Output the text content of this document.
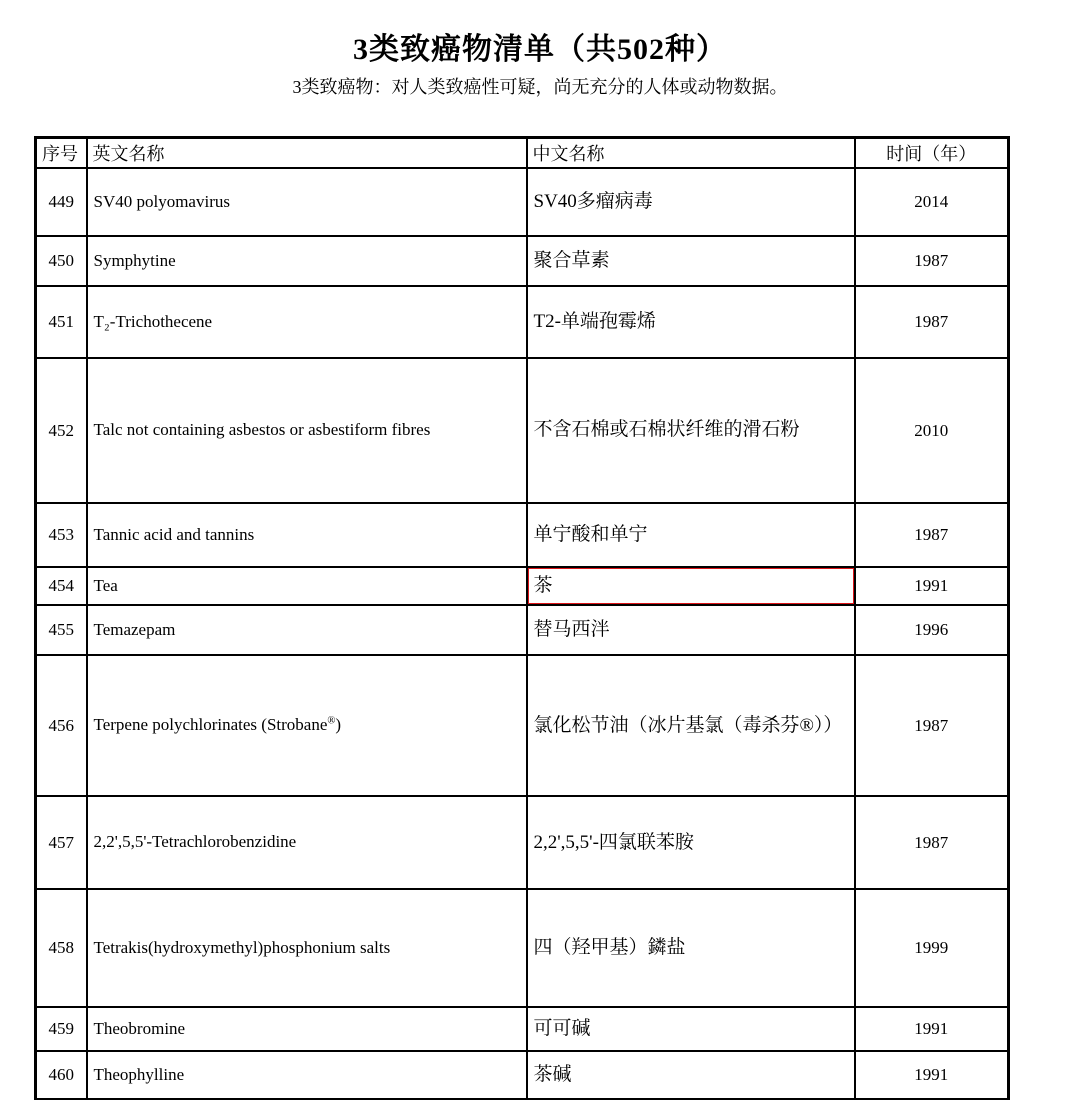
3类致癌物清单（共502种）
3类致癌物：对人类致癌性可疑，尚无充分的人体或动物数据。
序号	英文名称	中文名称	时间（年）
449	SV40 polyomavirus	SV40多瘤病毒	2014
450	Symphytine	聚合草素	1987
451	T₂-Trichothecene	T2-单端孢霉烯	1987
452	Talc not containing asbestos or asbestiform fibres	不含石棉或石棉状纤维的滑石粉	2010
453	Tannic acid and tannins	单宁酸和单宁	1987
454	Tea	茶	1991
455	Temazepam	替马西泮	1996
456	Terpene polychlorinates (Strobane®)	氯化松节油（冰片基氯（毒杀芬®））	1987
457	2,2',5,5'-Tetrachlorobenzidine	2,2',5,5'-四氯联苯胺	1987
458	Tetrakis(hydroxymethyl)phosphonium salts	四（羟甲基）鏻盐	1999
459	Theobromine	可可碱	1991
460	Theophylline	茶碱	1991
